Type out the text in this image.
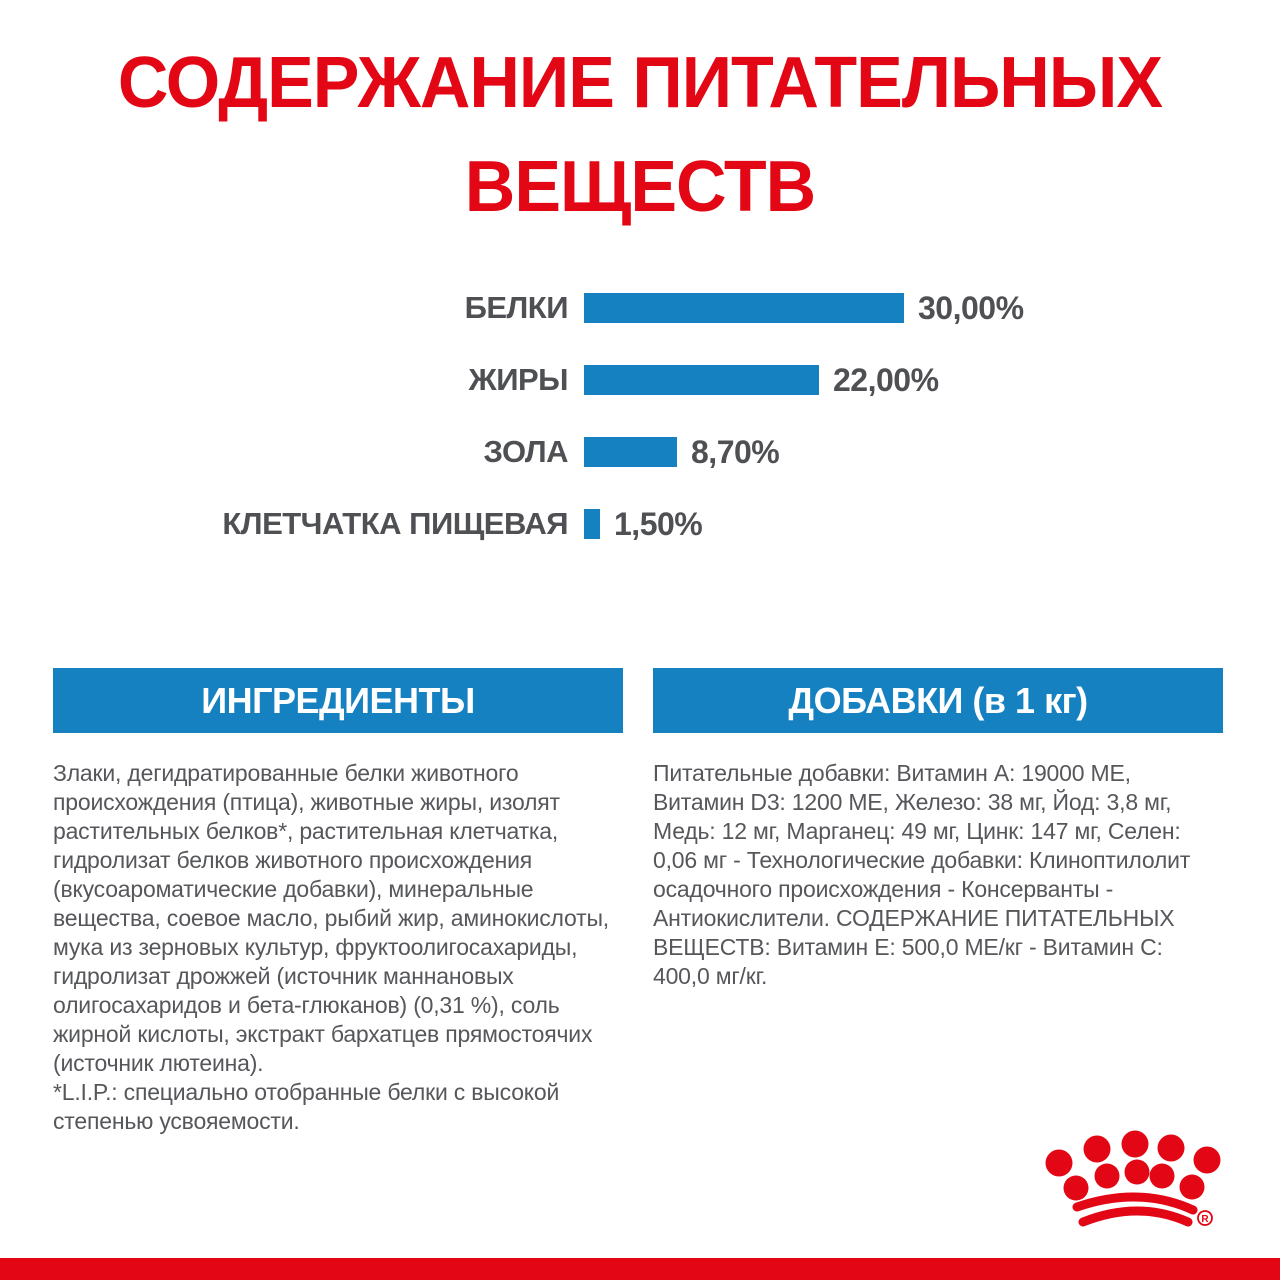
СОДЕРЖАНИЕ ПИТАТЕЛЬНЫХ
ВЕЩЕСТВ
БЕЛКИ	30,00%
ЖИРЫ	22,00%
ЗОЛА	8,70%
КЛЕТЧАТКА ПИЩЕВАЯ	1,50%
ИНГРЕДИЕНТЫ

Злаки, дегидратированные белки животного происхождения (птица), животные жиры, изолят растительных белков*, растительная клетчатка, гидролизат белков животного происхождения (вкусоароматические добавки), минеральные вещества, соевое масло, рыбий жир, аминокислоты, мука из зерновых культур, фруктоолигосахариды, гидролизат дрожжей (источник маннановых олигосахаридов и бета-глюканов) (0,31 %), соль жирной кислоты, экстракт бархатцев прямостоячих (источник лютеина).

*L.I.P.: специально отобранные белки с высокой степенью усвояемости.

ДОБАВКИ (в 1 кг)

Питательные добавки: Витамин A: 19000 ME, Витамин D3: 1200 ME, Железо: 38 мг, Йод: 3,8 мг, Медь: 12 мг, Марганец: 49 мг, Цинк: 147 мг, Селен: 0,06 мг - Технологические добавки: Клиноптилолит осадочного происхождения - Консерванты - Антиокислители. СОДЕРЖАНИЕ ПИТАТЕЛЬНЫХ ВЕЩЕСТВ: Витамин E: 500,0 МЕ/кг - Витамин C: 400,0 мг/кг.

R
